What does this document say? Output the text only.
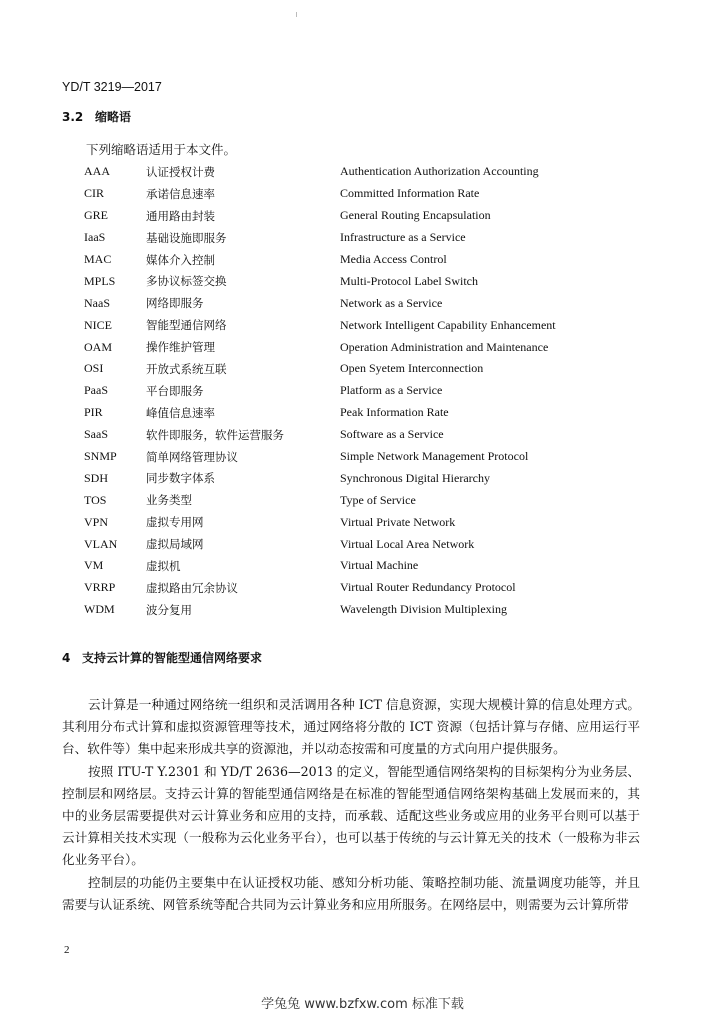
YD/T 3219—2017
3.2 缩略语
下列缩略语适用于本文件。
AAA	认证授权计费	Authentication Authorization Accounting
CIR	承诺信息速率	Committed Information Rate
GRE	通用路由封装	General Routing Encapsulation
IaaS	基础设施即服务	Infrastructure as a Service
MAC	媒体介入控制	Media Access Control
MPLS	多协议标签交换	Multi-Protocol Label Switch
NaaS	网络即服务	Network as a Service
NICE	智能型通信网络	Network Intelligent Capability Enhancement
OAM	操作维护管理	Operation Administration and Maintenance
OSI	开放式系统互联	Open Syetem Interconnection
PaaS	平台即服务	Platform as a Service
PIR	峰值信息速率	Peak Information Rate
SaaS	软件即服务，软件运营服务	Software as a Service
SNMP	简单网络管理协议	Simple Network Management Protocol
SDH	同步数字体系	Synchronous Digital Hierarchy
TOS	业务类型	Type of Service
VPN	虚拟专用网	Virtual Private Network
VLAN	虚拟局域网	Virtual Local Area Network
VM	虚拟机	Virtual Machine
VRRP	虚拟路由冗余协议	Virtual Router Redundancy Protocol
WDM	波分复用	Wavelength Division Multiplexing
4 支持云计算的智能型通信网络要求

云计算是一种通过网络统一组织和灵活调用各种 ICT 信息资源，实现大规模计算的信息处理方式。其利用分布式计算和虚拟资源管理等技术，通过网络将分散的 ICT 资源（包括计算与存储、应用运行平台、软件等）集中起来形成共享的资源池，并以动态按需和可度量的方式向用户提供服务。

按照 ITU-T Y.2301 和 YD/T 2636—2013 的定义，智能型通信网络架构的目标架构分为业务层、控制层和网络层。支持云计算的智能型通信网络是在标准的智能型通信网络架构基础上发展而来的，其中的业务层需要提供对云计算业务和应用的支持，而承载、适配这些业务或应用的业务平台则可以基于云计算相关技术实现（一般称为云化业务平台），也可以基于传统的与云计算无关的技术（一般称为非云化业务平台）。

控制层的功能仍主要集中在认证授权功能、感知分析功能、策略控制功能、流量调度功能等，并且需要与认证系统、网管系统等配合共同为云计算业务和应用所服务。在网络层中，则需要为云计算所带

2
学兔兔 www.bzfxw.com 标准下载
